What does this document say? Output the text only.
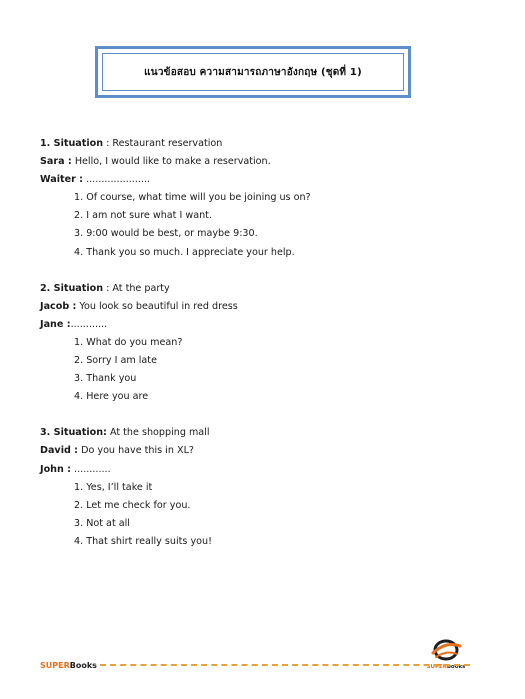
แนวข้อสอบ ความสามารถภาษาอังกฤษ (ชุดที่ 1)
1. Situation : Restaurant reservation
Sara : Hello, I would like to make a reservation.
Waiter : .....................
1. Of course, what time will you be joining us on?
2. I am not sure what I want.
3. 9:00 would be best, or maybe 9:30.
4. Thank you so much. I appreciate your help.
2. Situation : At the party
Jacob : You look so beautiful in red dress
Jane :............
1. What do you mean?
2. Sorry I am late
3. Thank you
4. Here you are
3. Situation: At the shopping mall
David : Do you have this in XL?
John : ............
1. Yes, I’ll take it
2. Let me check for you.
3. Not at all
4. That shirt really suits you!
SUPERbooks
SUPER Books
